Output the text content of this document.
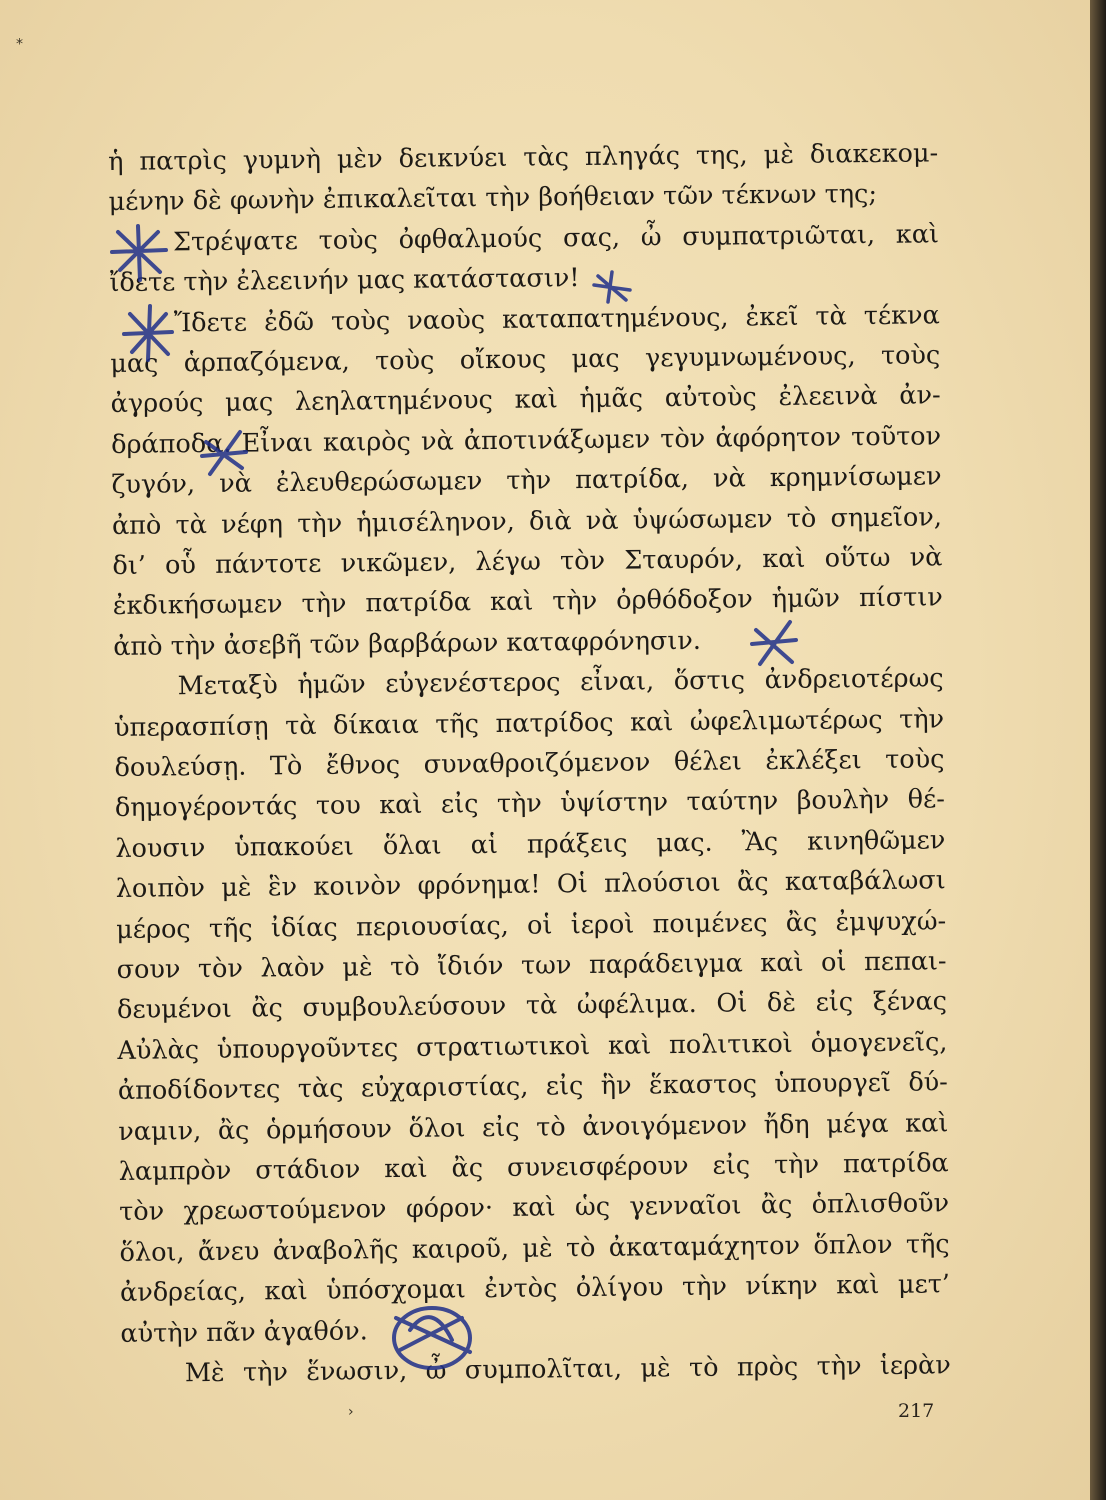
ἡ πατρὶς γυμνὴ μὲν δεικνύει τὰς πληγάς της, μὲ διακεκομ-
μένην δὲ φωνὴν ἐπικαλεῖται τὴν βοήθειαν τῶν τέκνων της;
Στρέψατε τοὺς ὀφθαλμούς σας, ὦ συμπατριῶται, καὶ
ἴδετε τὴν ἐλεεινήν μας κατάστασιν!
Ἴδετε ἐδῶ τοὺς ναοὺς καταπατημένους, ἐκεῖ τὰ τέκνα
μας ἁρπαζόμενα, τοὺς οἴκους μας γεγυμνωμένους, τοὺς
ἀγρούς μας λεηλατημένους καὶ ἡμᾶς αὐτοὺς ἐλεεινὰ ἀν-
δράποδα. Εἶναι καιρὸς νὰ ἀποτινάξωμεν τὸν ἀφόρητον τοῦτον
ζυγόν, νὰ ἐλευθερώσωμεν τὴν πατρίδα, νὰ κρημνίσωμεν
ἀπὸ τὰ νέφη τὴν ἡμισέληνον, διὰ νὰ ὑψώσωμεν τὸ σημεῖον,
δι’ οὗ πάντοτε νικῶμεν, λέγω τὸν Σταυρόν, καὶ οὕτω νὰ
ἐκδικήσωμεν τὴν πατρίδα καὶ τὴν ὀρθόδοξον ἡμῶν πίστιν
ἀπὸ τὴν ἀσεβῆ τῶν βαρβάρων καταφρόνησιν.
Μεταξὺ ἡμῶν εὐγενέστερος εἶναι, ὅστις ἀνδρειοτέρως
ὑπερασπίσῃ τὰ δίκαια τῆς πατρίδος καὶ ὠφελιμωτέρως τὴν
δουλεύσῃ. Τὸ ἔθνος συναθροιζόμενον θέλει ἐκλέξει τοὺς
δημογέροντάς του καὶ εἰς τὴν ὑψίστην ταύτην βουλὴν θέ-
λουσιν ὑπακούει ὅλαι αἱ πράξεις μας. Ἂς κινηθῶμεν
λοιπὸν μὲ ἓν κοινὸν φρόνημα! Οἱ πλούσιοι ἂς καταβάλωσι
μέρος τῆς ἰδίας περιουσίας, οἱ ἱεροὶ ποιμένες ἂς ἐμψυχώ-
σουν τὸν λαὸν μὲ τὸ ἴδιόν των παράδειγμα καὶ οἱ πεπαι-
δευμένοι ἂς συμβουλεύσουν τὰ ὠφέλιμα. Οἱ δὲ εἰς ξένας
Αὐλὰς ὑπουργοῦντες στρατιωτικοὶ καὶ πολιτικοὶ ὁμογενεῖς,
ἀποδίδοντες τὰς εὐχαριστίας, εἰς ἣν ἕκαστος ὑπουργεῖ δύ-
ναμιν, ἂς ὁρμήσουν ὅλοι εἰς τὸ ἀνοιγόμενον ἤδη μέγα καὶ
λαμπρὸν στάδιον καὶ ἂς συνεισφέρουν εἰς τὴν πατρίδα
τὸν χρεωστούμενον φόρον· καὶ ὡς γενναῖοι ἂς ὁπλισθοῦν
ὅλοι, ἄνευ ἀναβολῆς καιροῦ, μὲ τὸ ἀκαταμάχητον ὅπλον τῆς
ἀνδρείας, καὶ ὑπόσχομαι ἐντὸς ὀλίγου τὴν νίκην καὶ μετ’
αὐτὴν πᾶν ἀγαθόν.
Μὲ τὴν ἕνωσιν, ὦ συμπολῖται, μὲ τὸ πρὸς τὴν ἱερὰν
⁎
›	217
